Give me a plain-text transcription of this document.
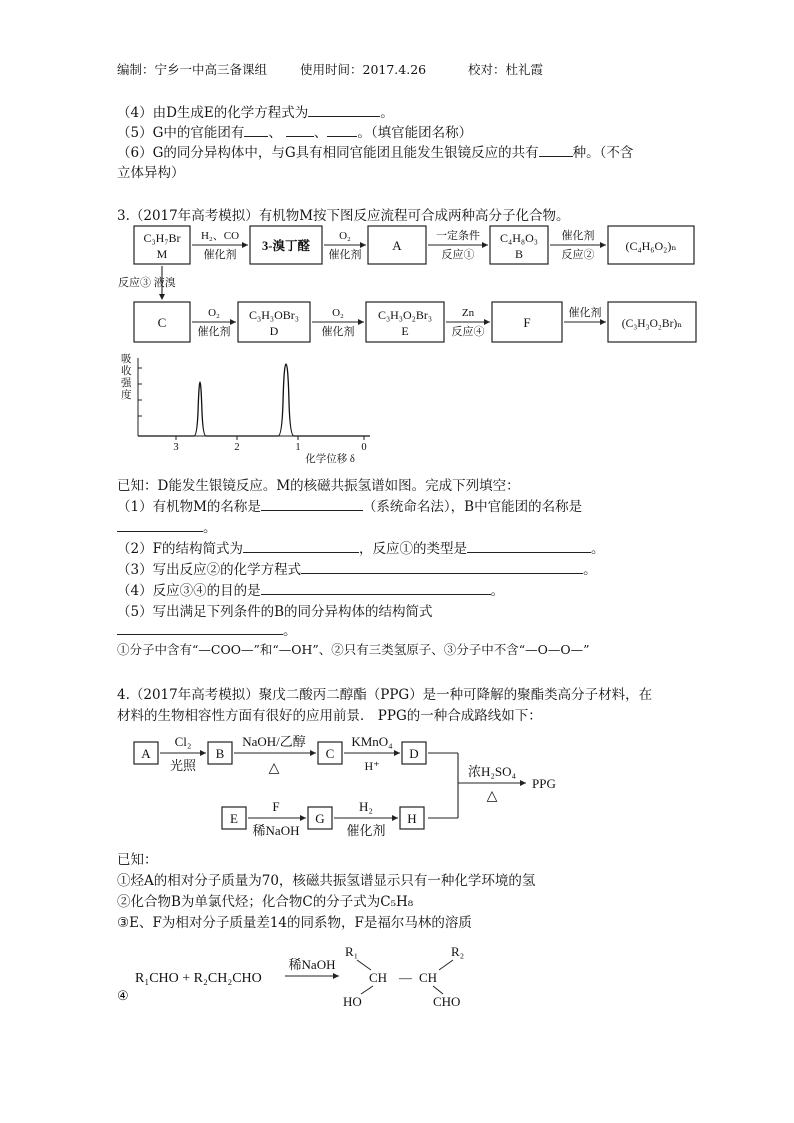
编制：宁乡一中高三备课组	使用时间：2017.4.26	校对：杜礼霞
（4）由D生成E的化学方程式为	。
（5）G中的官能团有 、 、 。（填官能团名称）
（6）G的同分异构体中，与G具有相同官能团且能发生银镜反应的共有	种。（不含
立体异构）
3.（2017年高考模拟）有机物M按下图反应流程可合成两种高分子化合物。
C₃H₇Br
M
H₂、CO
催化剂
3-溴丁醛
O₂
催化剂
A
一定条件
反应①
C₄H₈O₃
B
催化剂
反应②
(C₄H₆O₂)ₙ
反应③ 液溴
C
O₂
催化剂
C₃H₃OBr₃
D
O₂
催化剂
C₃H₃O₂Br₃
E
Zn
反应④
F
催化剂
(C₃H₃O₂Br)ₙ
吸
收
强
度
3	2	1	0
化学位移 δ
已知：D能发生银镜反应。M的核磁共振氢谱如图。完成下列填空：
（1）有机物M的名称是	（系统命名法），B中官能团的名称是
。
（2）F的结构简式为	，反应①的类型是	。
（3）写出反应②的化学方程式	。
（4）反应③④的目的是	。
（5）写出满足下列条件的B的同分异构体的结构简式
。
①分子中含有“—COO—”和“—OH”、②只有三类氢原子、③分子中不含“—O—O—”
4.（2017年高考模拟）聚戊二酸丙二醇酯（PPG）是一种可降解的聚酯类高分子材料，在
材料的生物相容性方面有很好的应用前景． PPG的一种合成路线如下：
A
Cl₂
光照
B
NaOH/乙醇
△
C
KMnO₄
H⁺
D
浓H₂SO₄
△
PPG
E
F
稀NaOH
G
H₂
催化剂
H
已知：
①烃A的相对分子质量为70，核磁共振氢谱显示只有一种化学环境的氢
②化合物B为单氯代烃；化合物C的分子式为C₅H₈
③E、F为相对分子质量差14的同系物，F是福尔马林的溶质
④
R₁CHO + R₂CH₂CHO
稀NaOH
R₁	R₂
CH — CH
HO	CHO
